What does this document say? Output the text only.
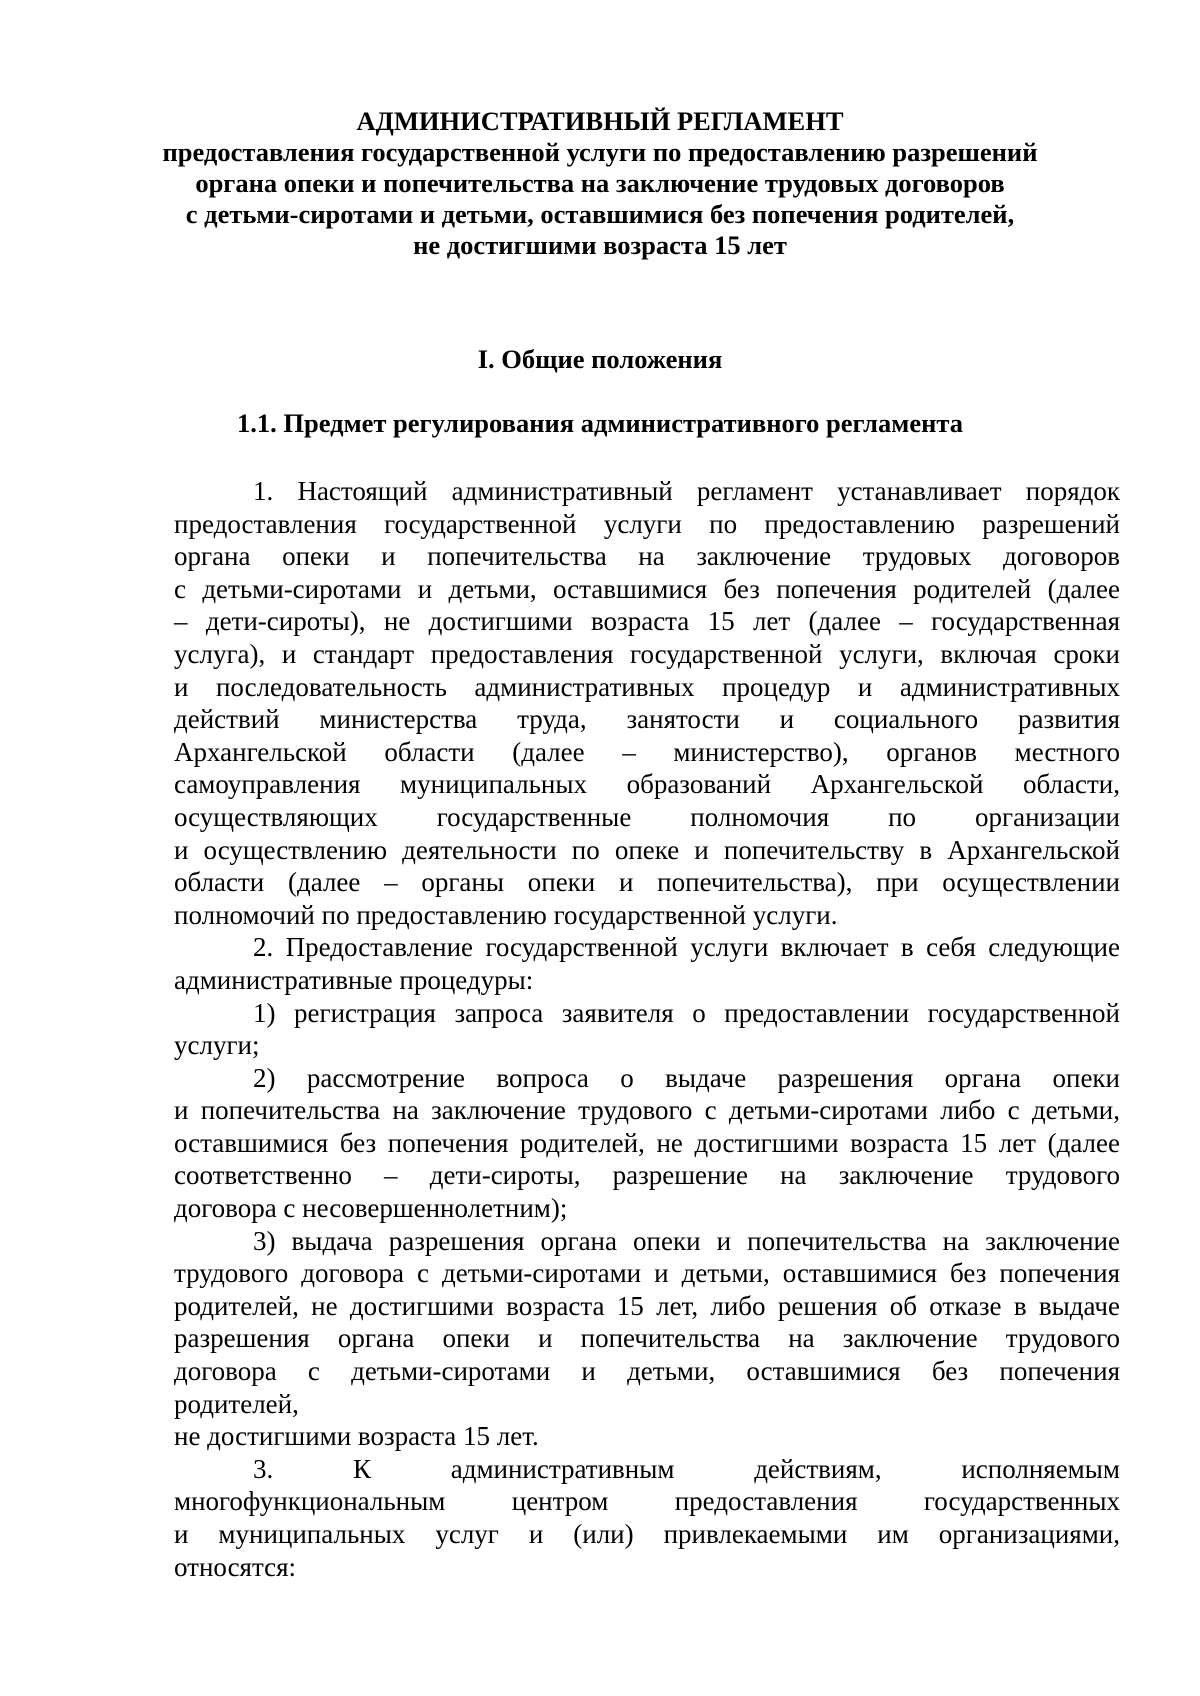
АДМИНИСТРАТИВНЫЙ РЕГЛАМЕНТ
предоставления государственной услуги по предоставлению разрешений
органа опеки и попечительства на заключение трудовых договоров
с детьми-сиротами и детьми, оставшимися без попечения родителей,
не достигшими возраста 15 лет
I. Общие положения
1.1. Предмет регулирования административного регламента
1. Настоящий административный регламент устанавливает порядок
предоставления государственной услуги по предоставлению разрешений
органа опеки и попечительства на заключение трудовых договоров
с детьми-сиротами и детьми, оставшимися без попечения родителей (далее
– дети-сироты), не достигшими возраста 15 лет (далее – государственная
услуга), и стандарт предоставления государственной услуги, включая сроки
и последовательность административных процедур и административных
действий министерства труда, занятости и социального развития
Архангельской области (далее – министерство), органов местного
самоуправления муниципальных образований Архангельской области,
осуществляющих государственные полномочия по организации
и осуществлению деятельности по опеке и попечительству в Архангельской
области (далее – органы опеки и попечительства), при осуществлении
полномочий по предоставлению государственной услуги.
2. Предоставление государственной услуги включает в себя следующие
административные процедуры:
1) регистрация запроса заявителя о предоставлении государственной
услуги;
2) рассмотрение вопроса о выдаче разрешения органа опеки
и попечительства на заключение трудового с детьми-сиротами либо с детьми,
оставшимися без попечения родителей, не достигшими возраста 15 лет (далее
соответственно – дети-сироты, разрешение на заключение трудового
договора с несовершеннолетним);
3) выдача разрешения органа опеки и попечительства на заключение
трудового договора с детьми-сиротами и детьми, оставшимися без попечения
родителей, не достигшими возраста 15 лет, либо решения об отказе в выдаче
разрешения органа опеки и попечительства на заключение трудового
договора с детьми-сиротами и детьми, оставшимися без попечения
родителей,
не достигшими возраста 15 лет.
3. К административным действиям, исполняемым
многофункциональным центром предоставления государственных
и муниципальных услуг и (или) привлекаемыми им организациями,
относятся:
